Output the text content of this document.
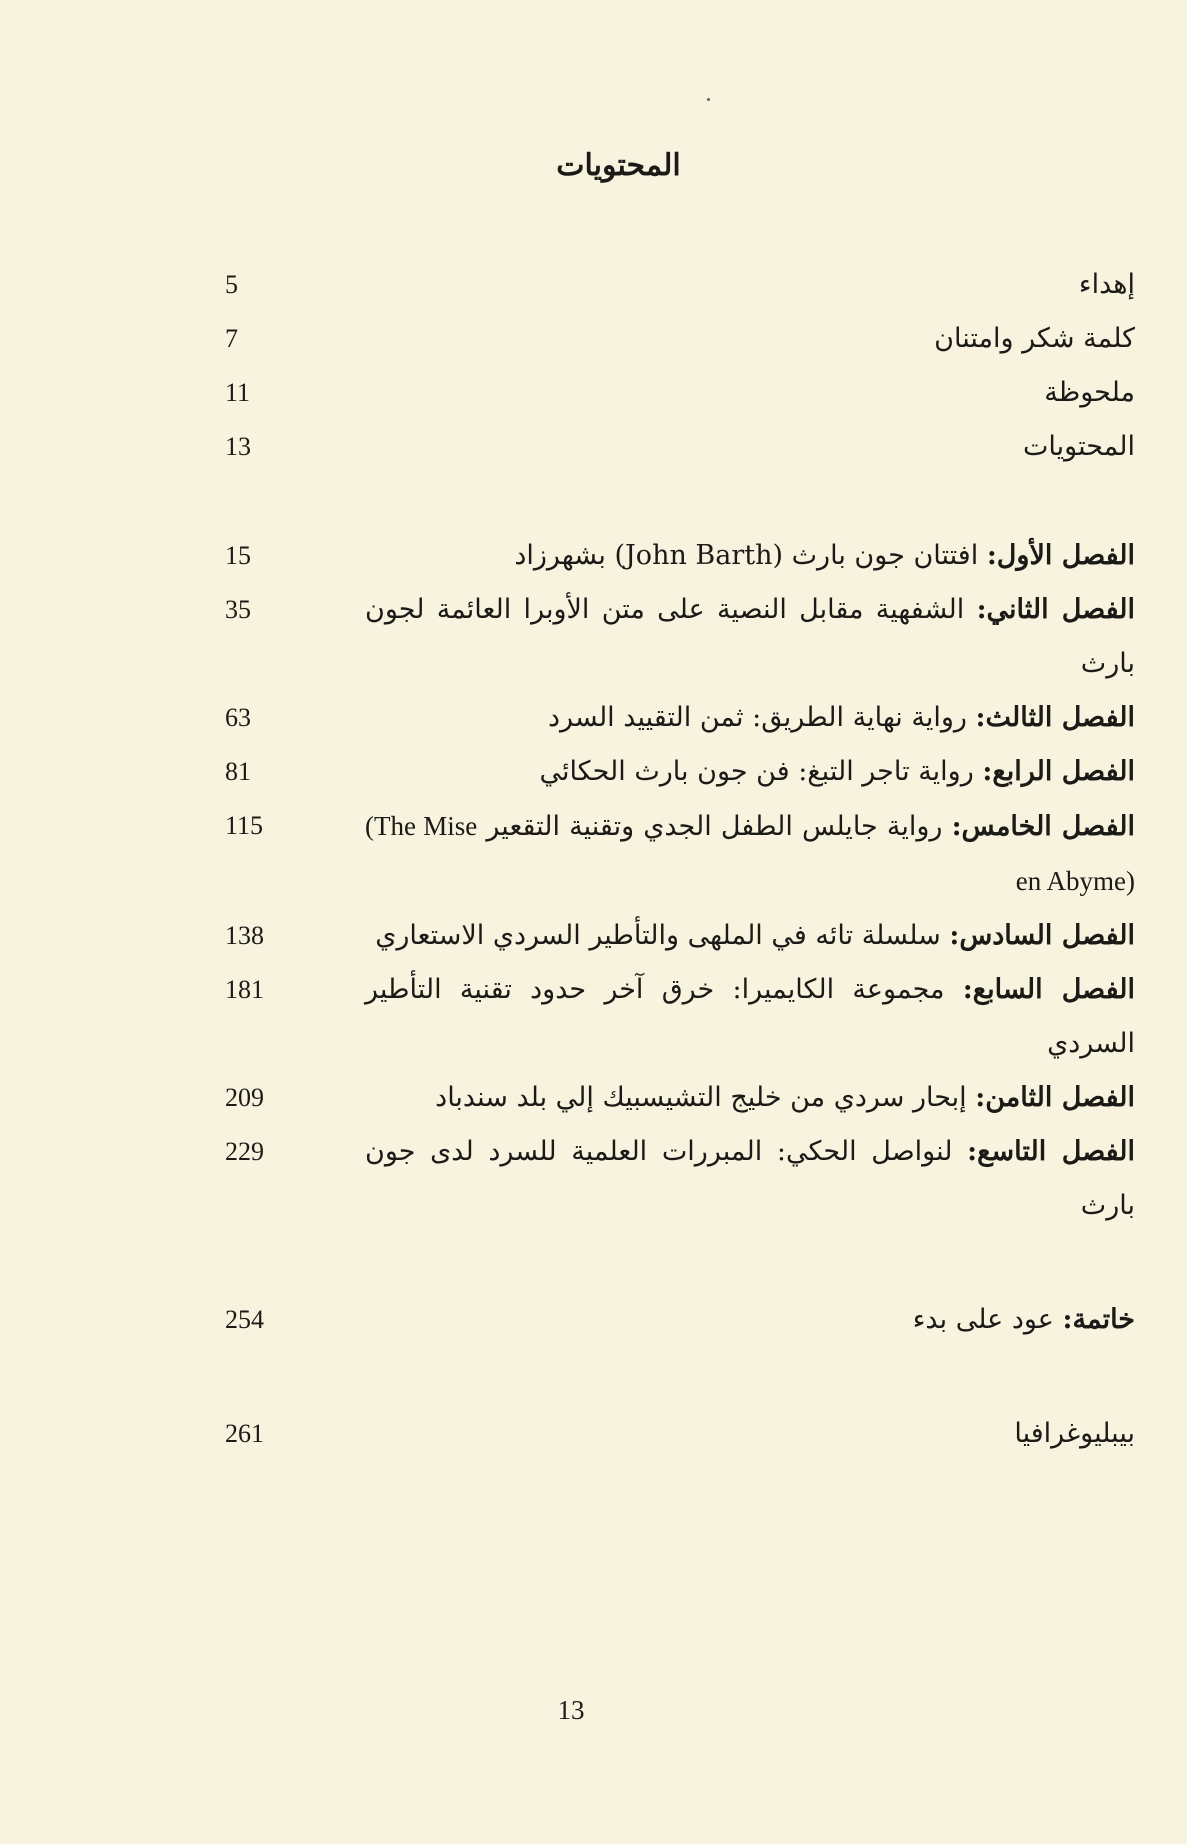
المحتويات
إهداء
5
كلمة شكر وامتنان
7
ملحوظة
11
المحتويات
13
الفصل الأول: افتتان جون بارث (John Barth) بشهرزاد
15
الفصل الثاني: الشفهية مقابل النصية على متن الأوبرا العائمة لجون بارث
35
الفصل الثالث: رواية نهاية الطريق: ثمن التقييد السرد
63
الفصل الرابع: رواية تاجر التبغ: فن جون بارث الحكائي
81
الفصل الخامس: رواية جايلس الطفل الجدي وتقنية التقعير (The Mise en Abyme)
115
الفصل السادس: سلسلة تائه في الملهى والتأطير السردي الاستعاري
138
الفصل السابع: مجموعة الكايميرا: خرق آخر حدود تقنية التأطير السردي
181
الفصل الثامن: إبحار سردي من خليج التشيسبيك إلي بلد سندباد
209
الفصل التاسع: لنواصل الحكي: المبررات العلمية للسرد لدى جون بارث
229
خاتمة: عود على بدء
254
بيبليوغرافيا
261
13
